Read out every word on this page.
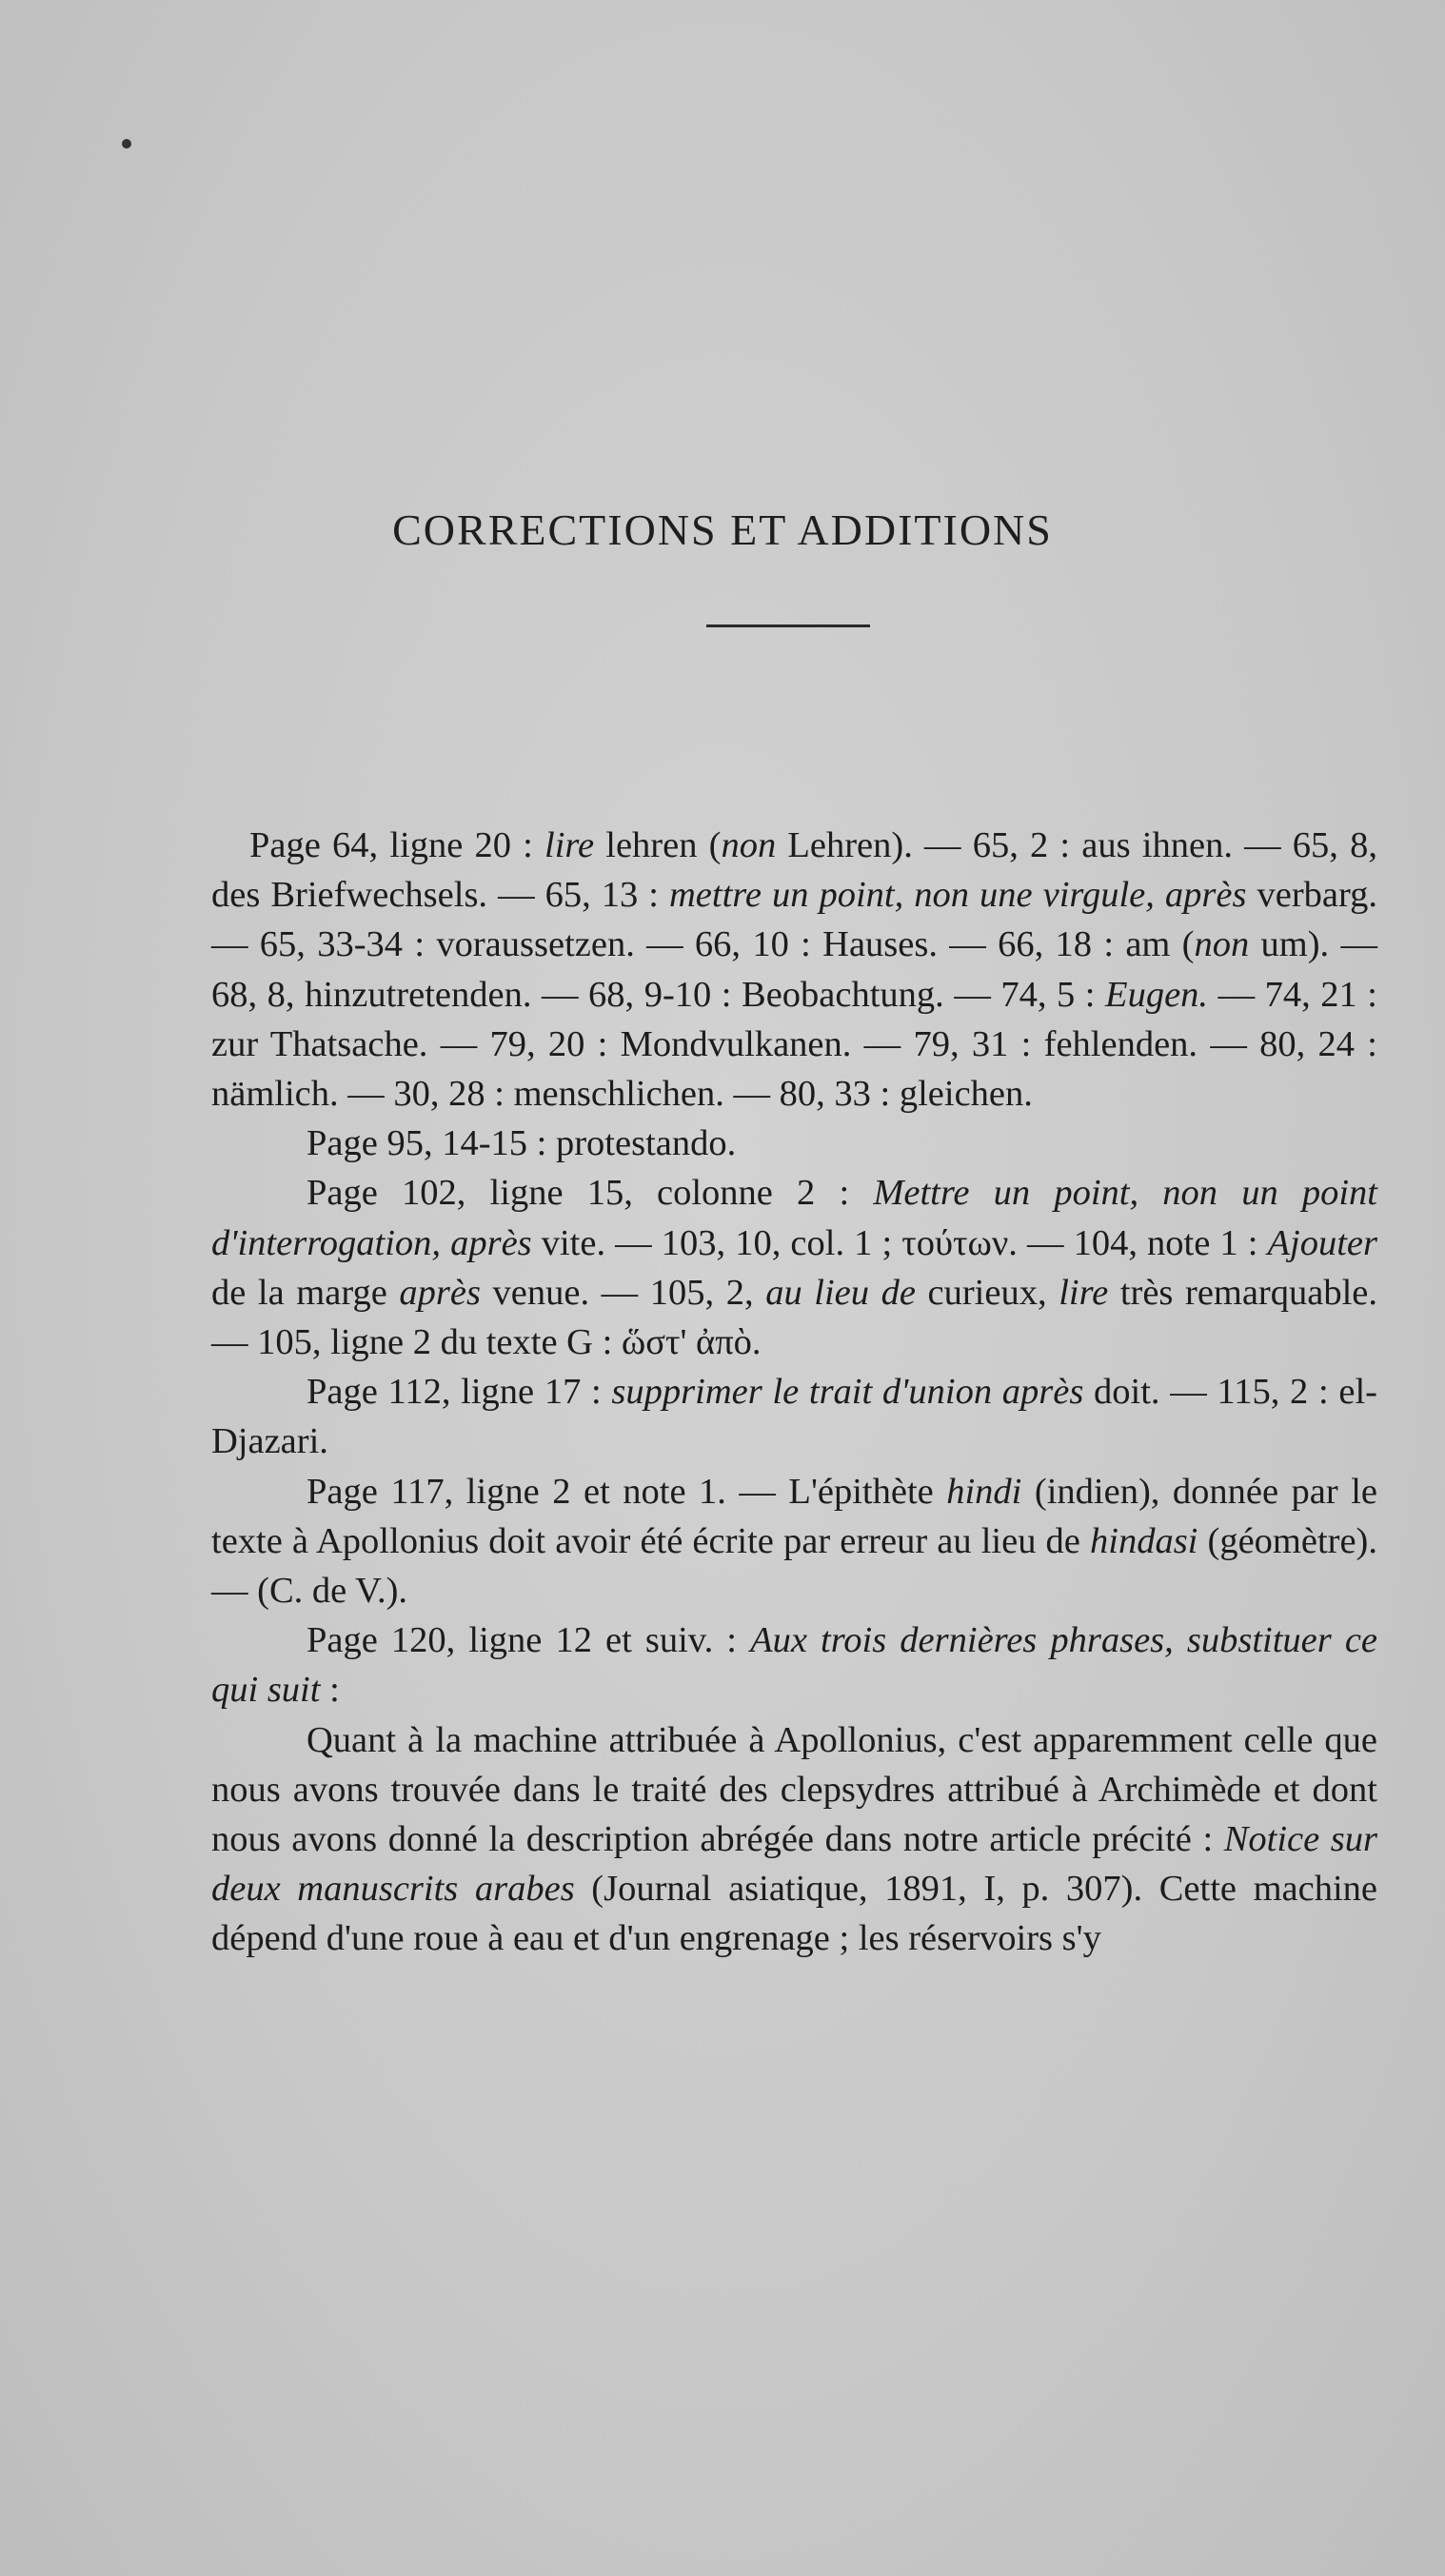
CORRECTIONS ET ADDITIONS

Page 64, ligne 20 : lire lehren (non Lehren). — 65, 2 : aus ihnen. — 65, 8, des Briefwechsels. — 65, 13 : mettre un point, non une virgule, après verbarg. — 65, 33-34 : voraussetzen. — 66, 10 : Hauses. — 66, 18 : am (non um). — 68, 8, hinzutretenden. — 68, 9-10 : Beobachtung. — 74, 5 : Eugen. — 74, 21 : zur Thatsache. — 79, 20 : Mondvulkanen. — 79, 31 : fehlenden. — 80, 24 : nämlich. — 30, 28 : menschlichen. — 80, 33 : gleichen.

Page 95, 14-15 : protestando.

Page 102, ligne 15, colonne 2 : Mettre un point, non un point d'interrogation, après vite. — 103, 10, col. 1 ; τούτων. — 104, note 1 : Ajouter de la marge après venue. — 105, 2, au lieu de curieux, lire très remarquable. — 105, ligne 2 du texte G : ὥστ' ἀπὸ.

Page 112, ligne 17 : supprimer le trait d'union après doit. — 115, 2 : el-Djazari.

Page 117, ligne 2 et note 1. — L'épithète hindi (indien), donnée par le texte à Apollonius doit avoir été écrite par erreur au lieu de hindasi (géomètre). — (C. de V.).

Page 120, ligne 12 et suiv. : Aux trois dernières phrases, substituer ce qui suit :

Quant à la machine attribuée à Apollonius, c'est apparemment celle que nous avons trouvée dans le traité des clepsydres attribué à Archimède et dont nous avons donné la description abrégée dans notre article précité : Notice sur deux manuscrits arabes (Journal asiatique, 1891, I, p. 307). Cette machine dépend d'une roue à eau et d'un engrenage ; les réservoirs s'y
